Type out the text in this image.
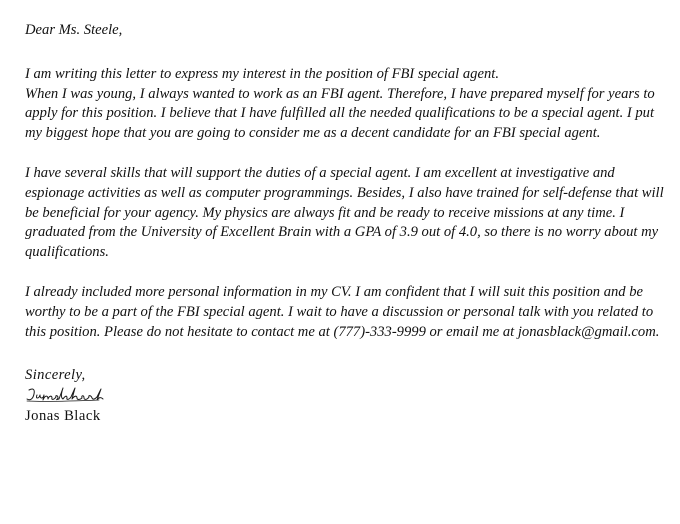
Dear Ms. Steele,

I am writing this letter to express my interest in the position of FBI special agent.

When I was young, I always wanted to work as an FBI agent. Therefore, I have prepared myself for years to apply for this position. I believe that I have fulfilled all the needed qualifications to be a special agent. I put my biggest hope that you are going to consider me as a decent candidate for an FBI special agent.

I have several skills that will support the duties of a special agent. I am excellent at investigative and espionage activities as well as computer programmings. Besides, I also have trained for self-defense that will be beneficial for your agency. My physics are always fit and be ready to receive missions at any time. I graduated from the University of Excellent Brain with a GPA of 3.9 out of 4.0, so there is no worry about my qualifications.

I already included more personal information in my CV. I am confident that I will suit this position and be worthy to be a part of the FBI special agent. I wait to have a discussion or personal talk with you related to this position. Please do not hesitate to contact me at (777)-333-9999 or email me at jonasblack@gmail.com.

Sincerely,

Jonas Black
